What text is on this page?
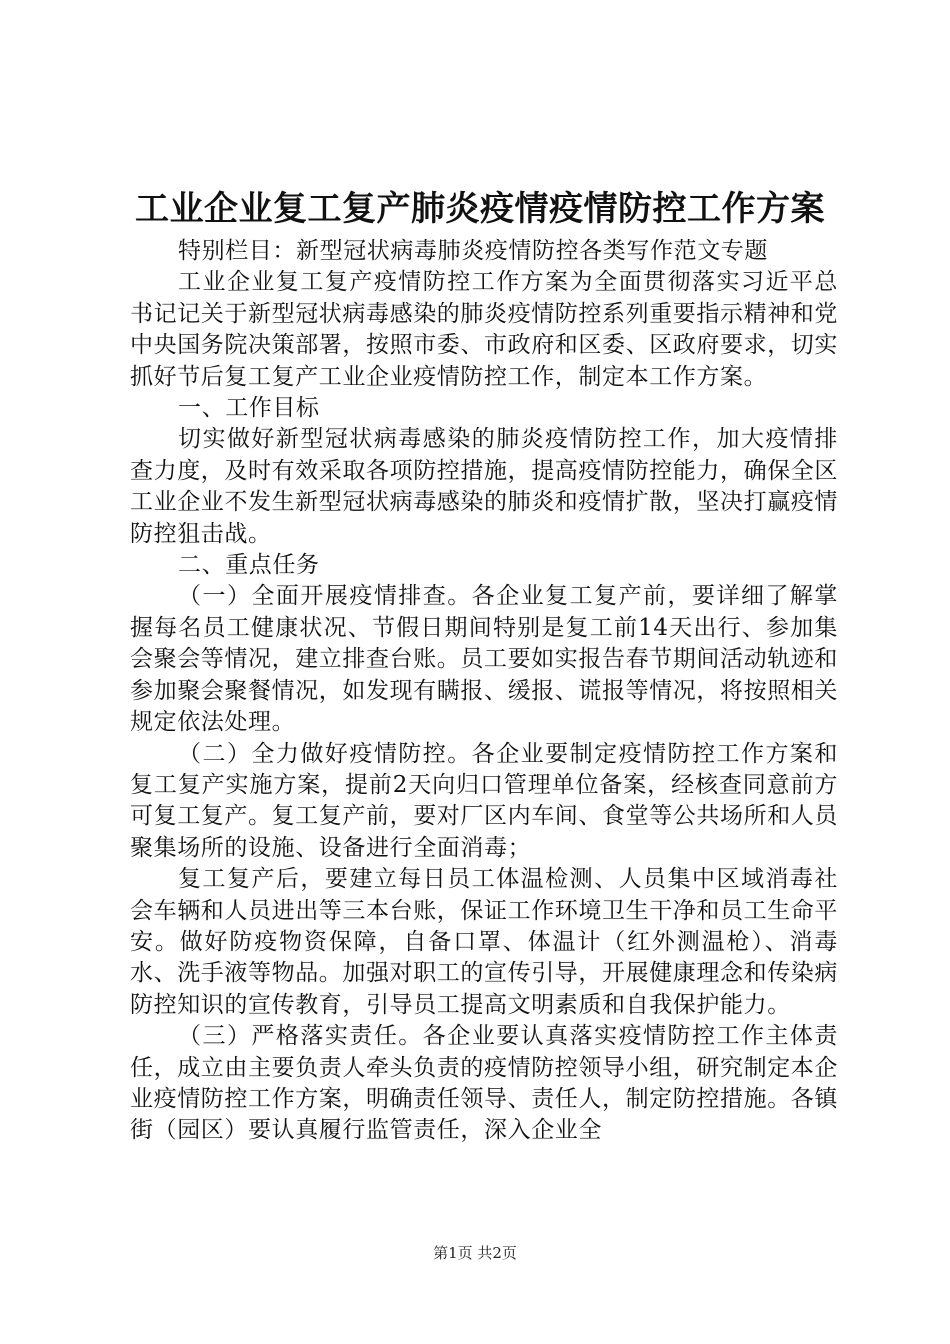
工业企业复工复产肺炎疫情疫情防控工作方案

特别栏目：新型冠状病毒肺炎疫情防控各类写作范文专题

工业企业复工复产疫情防控工作方案为全面贯彻落实习近平总书记记关于新型冠状病毒感染的肺炎疫情防控系列重要指示精神和党中央国务院决策部署，按照市委、市政府和区委、区政府要求，切实抓好节后复工复产工业企业疫情防控工作，制定本工作方案。

一、工作目标

切实做好新型冠状病毒感染的肺炎疫情防控工作，加大疫情排查力度，及时有效采取各项防控措施，提高疫情防控能力，确保全区工业企业不发生新型冠状病毒感染的肺炎和疫情扩散，坚决打赢疫情防控狙击战。

二、重点任务

（一）全面开展疫情排查。各企业复工复产前，要详细了解掌握每名员工健康状况、节假日期间特别是复工前14天出行、参加集会聚会等情况，建立排查台账。员工要如实报告春节期间活动轨迹和参加聚会聚餐情况，如发现有瞒报、缓报、谎报等情况，将按照相关规定依法处理。

（二）全力做好疫情防控。各企业要制定疫情防控工作方案和复工复产实施方案，提前2天向归口管理单位备案，经核查同意前方可复工复产。复工复产前，要对厂区内车间、食堂等公共场所和人员聚集场所的设施、设备进行全面消毒；

复工复产后，要建立每日员工体温检测、人员集中区域消毒社会车辆和人员进出等三本台账，保证工作环境卫生干净和员工生命平安。做好防疫物资保障，自备口罩、体温计（红外测温枪）、消毒水、洗手液等物品。加强对职工的宣传引导，开展健康理念和传染病防控知识的宣传教育，引导员工提高文明素质和自我保护能力。

（三）严格落实责任。各企业要认真落实疫情防控工作主体责任，成立由主要负责人牵头负责的疫情防控领导小组，研究制定本企业疫情防控工作方案，明确责任领导、责任人，制定防控措施。各镇街（园区）要认真履行监管责任，深入企业全

第1页 共2页
